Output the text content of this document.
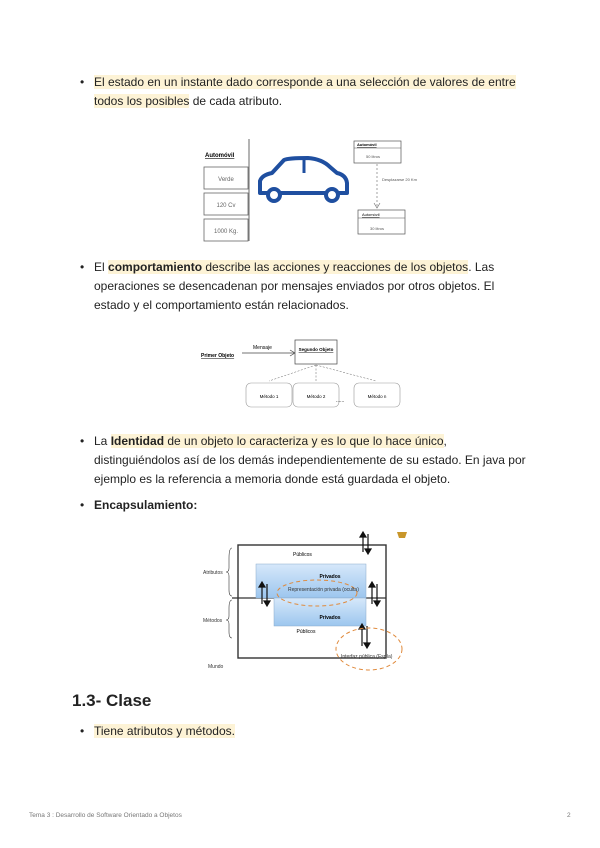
• El estado en un instante dado corresponde a una selección de valores de entre todos los posibles de cada atributo.
Automóvil
Verde
120 Cv
1000 Kg.
Automóvil
50 litros
Desplazarse 20 Km
Automóvil
30 litros
• El comportamiento describe las acciones y reacciones de los objetos. Las operaciones se desencadenan por mensajes enviados por otros objetos. El estado y el comportamiento están relacionados.
Primer Objeto
Mensaje	Segundo Objeto
Método 1	Método 2
......
Método n
• La Identidad de un objeto lo caracteriza y es lo que lo hace único, distinguiéndolos así de los demás independientemente de su estado. En java por ejemplo es la referencia a memoria donde está guardada el objeto.
• Encapsulamiento:
Públicos
Privados
Privados
Representación privada (oculta)
Públicos
Atributos
Métodos
Mundo
Interfaz pública (Espía)
1.3- Clase
• Tiene atributos y métodos.
Tema 3 : Desarrollo de Software Orientado a Objetos	2
